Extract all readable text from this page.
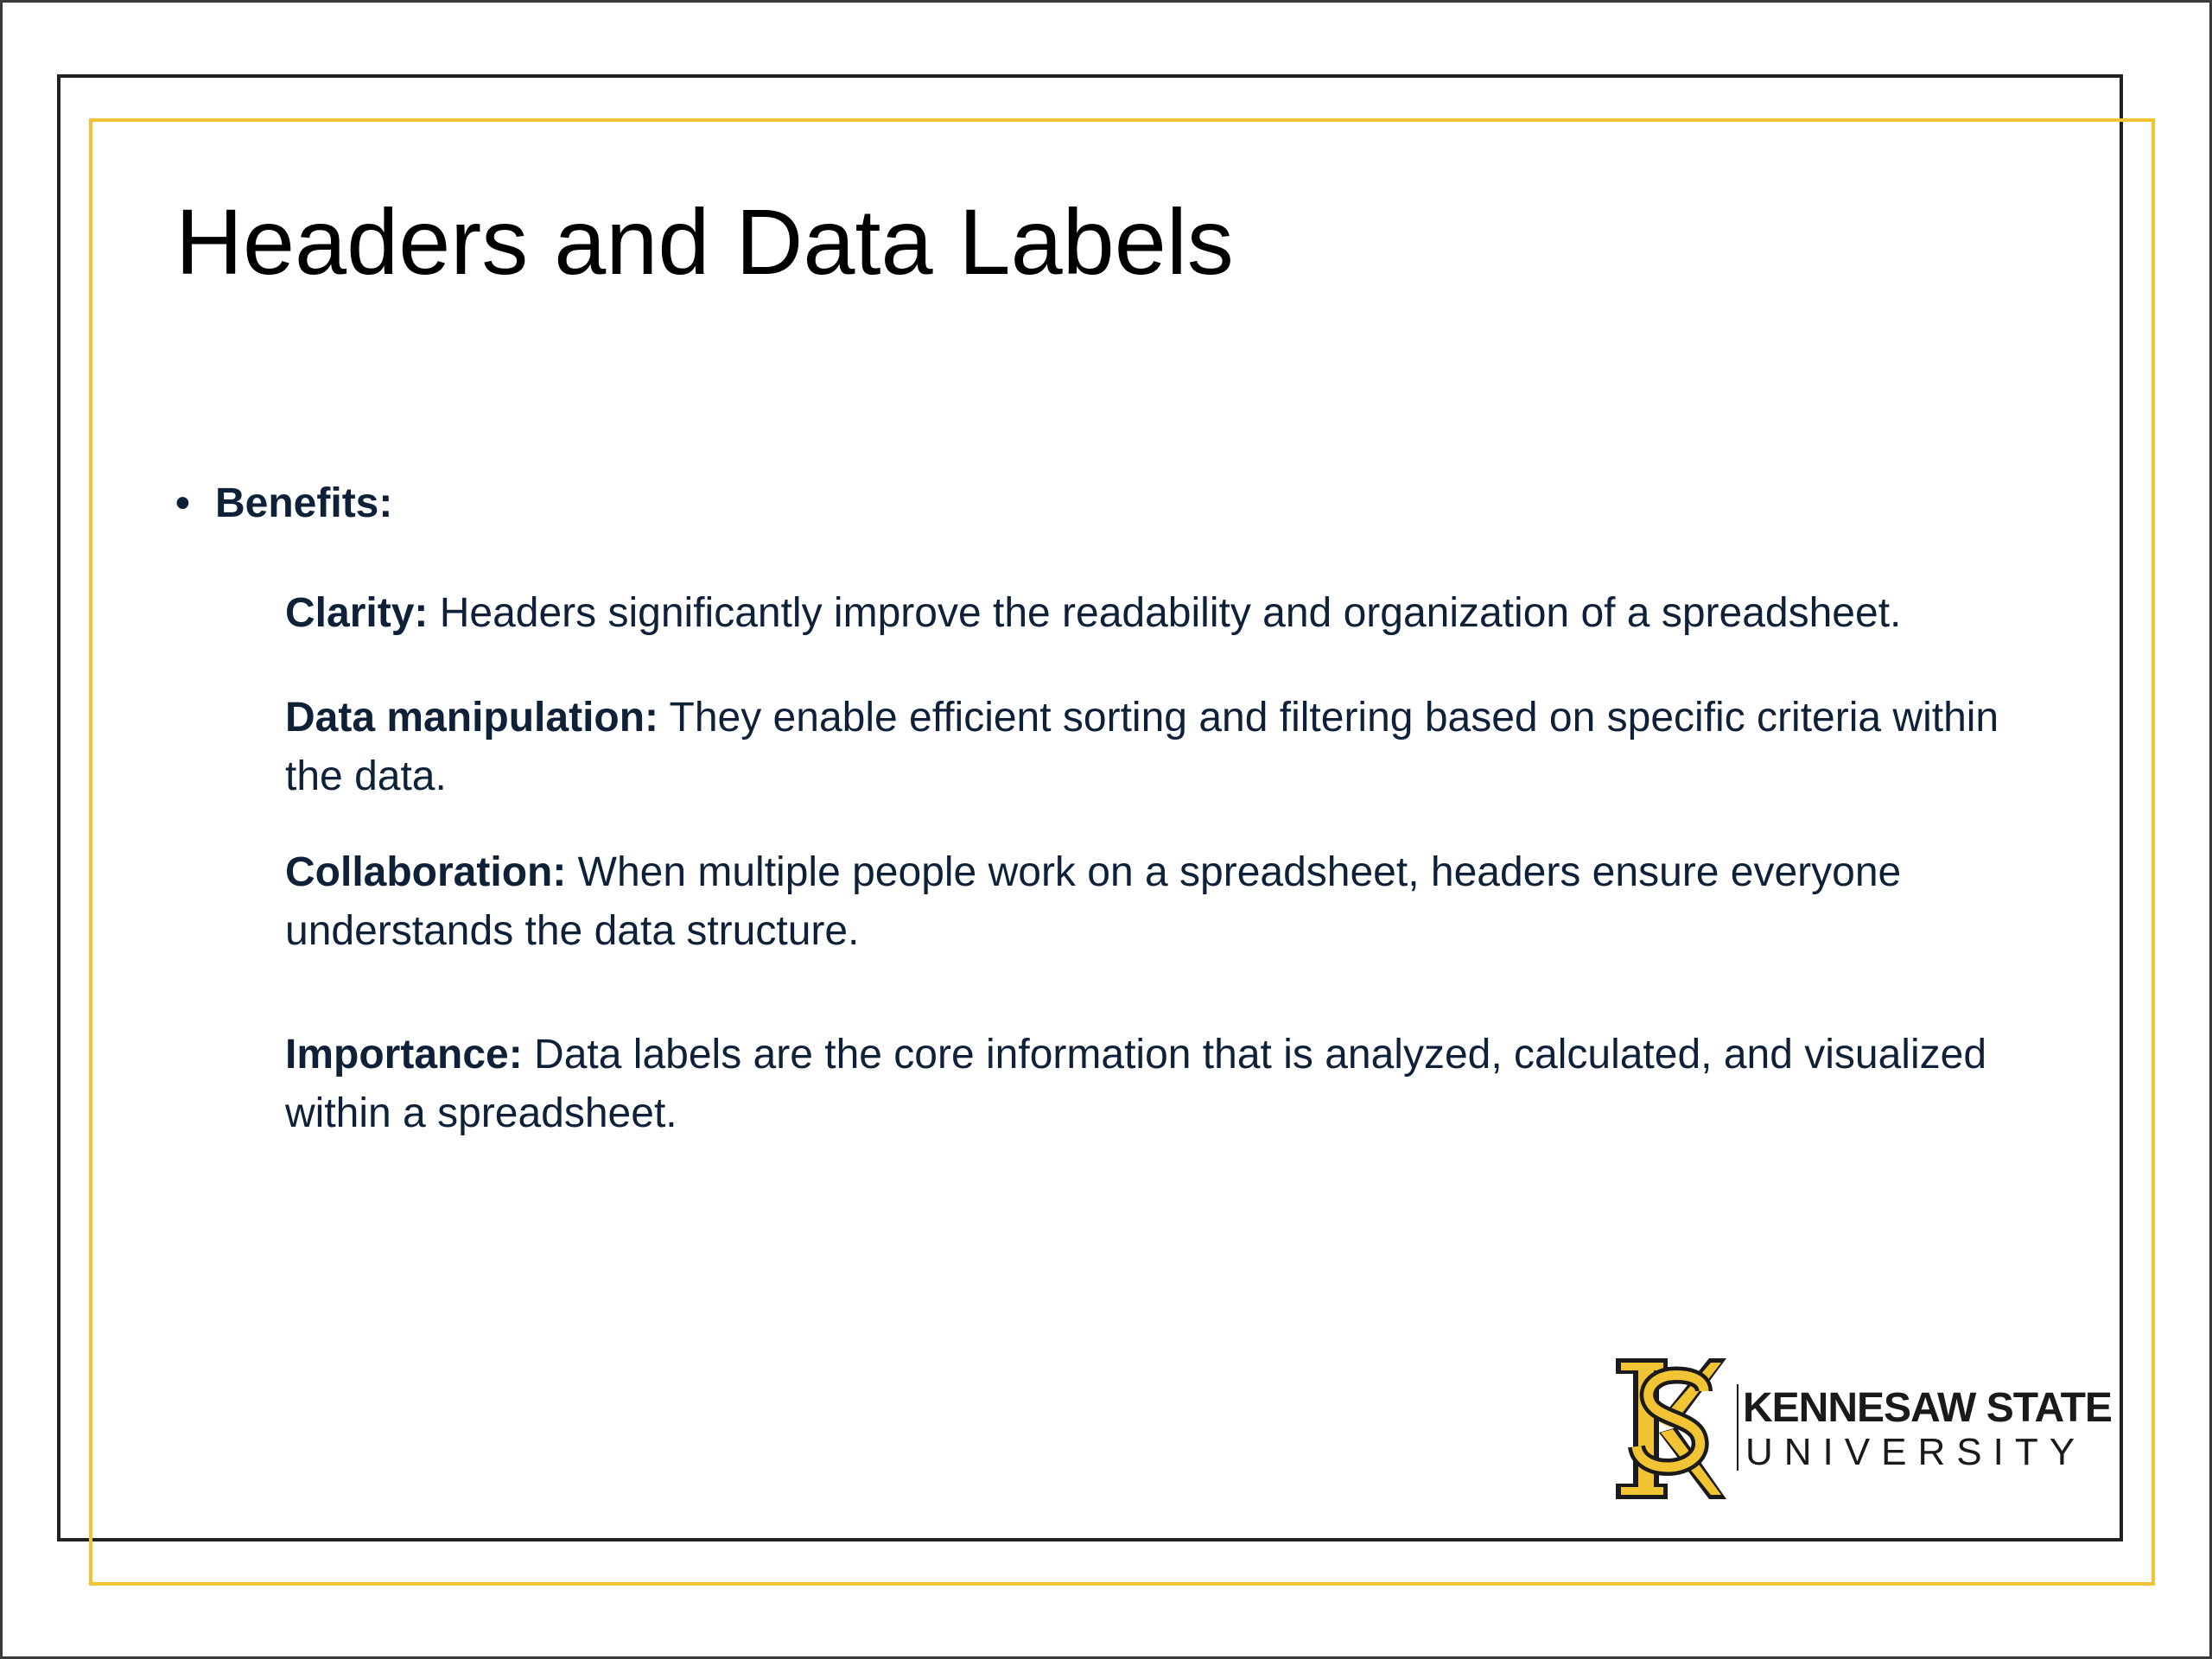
Headers and Data Labels
• Benefits:
Clarity: Headers significantly improve the readability and organization of a spreadsheet.
Data manipulation: They enable efficient sorting and filtering based on specific criteria within the data.
Collaboration: When multiple people work on a spreadsheet, headers ensure everyone understands the data structure.
Importance: Data labels are the core information that is analyzed, calculated, and visualized within a spreadsheet.
KENNESAW STATE
UNIVERSITY
